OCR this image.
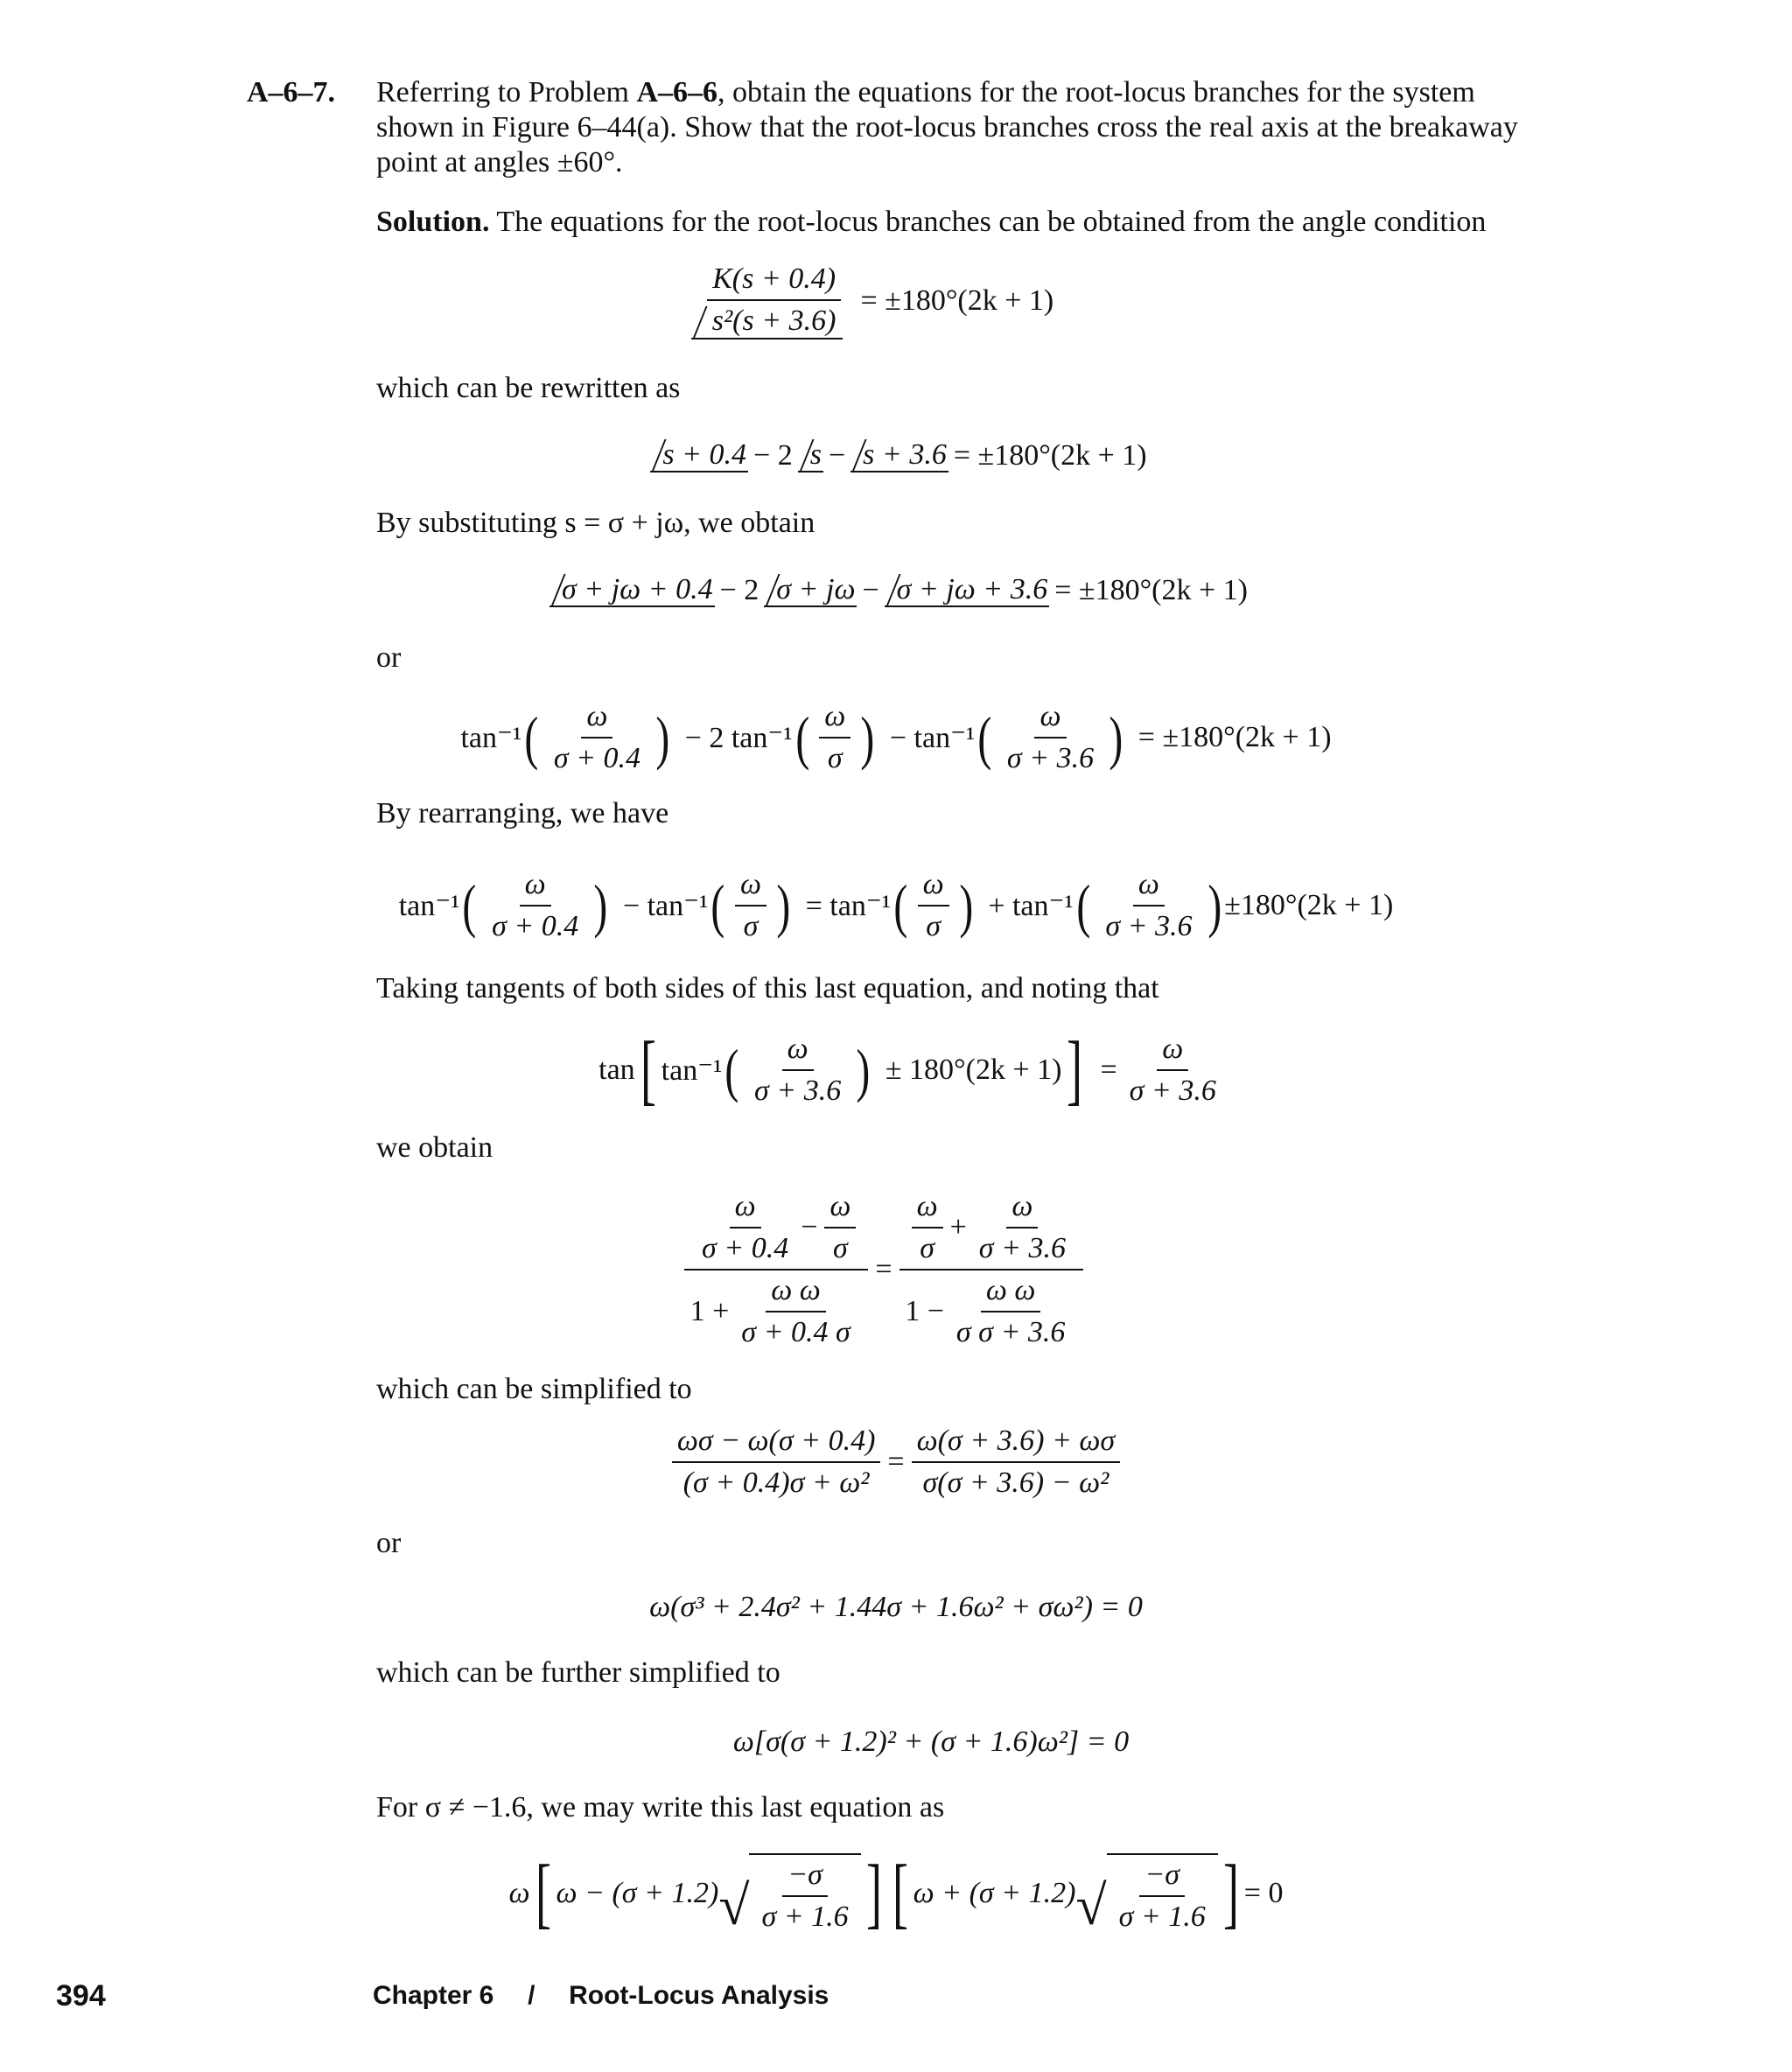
A–6–7. Referring to Problem A–6–6, obtain the equations for the root-locus branches for the system
shown in Figure 6–44(a). Show that the root-locus branches cross the real axis at the breakaway
point at angles ±60°.
Solution. The equations for the root-locus branches can be obtained from the angle condition
$\frac{K(s + 0.4)}{\text{s²(s + 3.6)}} = \pm 180^\circ(2k + 1)$
which can be rewritten as
s + 0.4 − 2 s − s + 3.6 = ±180°(2k + 1)
By substituting s = σ + jω, we obtain
σ + jω + 0.4 − 2 σ + jω − σ + jω + 3.6 = ±180°(2k + 1)
or
tan⁻¹ ( $\frac{\omega}{\sigma + 0.4}$ ) − 2 tan⁻¹ ( $\frac{\omega}{\sigma}$ ) − tan⁻¹ ( $\frac{\omega}{\sigma + 3.6}$ ) = ±180°(2k + 1)
By rearranging, we have
tan⁻¹ ( $\frac{\omega}{\sigma + 0.4}$ ) − tan⁻¹ ( $\frac{\omega}{\sigma}$ ) = tan⁻¹ ( $\frac{\omega}{\sigma}$ ) + tan⁻¹ ( $\frac{\omega}{\sigma + 3.6}$ ) ±180°(2k + 1)
Taking tangents of both sides of this last equation, and noting that
tan [ tan⁻¹ ( $\frac{\omega}{\sigma + 3.6}$ ) ± 180°(2k + 1) ] = $\frac{\omega}{\sigma + 3.6}$
we obtain
$\frac{\frac{\omega}{\sigma + 0.4} - \frac{\omega}{\sigma}}{1 + \frac{\text{ω ω}}{\sigma + 0.4 \sigma}} = \frac{\frac{\omega}{\sigma} + \frac{\omega}{\sigma + 3.6}}{1 - \frac{\text{ω ω}}{\text{σ σ + 3.6}}}$
which can be simplified to
$\frac{\omega\sigma - \omega(\sigma + 0.4)}{\text{(σ + 0.4)σ + ω²}} = \frac{\omega(\sigma + 3.6) + \omega\sigma}{\text{σ(σ + 3.6) − ω²}}$
or
ω(σ³ + 2.4σ² + 1.44σ + 1.6ω² + σω²) = 0
which can be further simplified to
ω[σ(σ + 1.2)² + (σ + 1.6)ω²] = 0
For σ ≠ −1.6, we may write this last equation as
ω [ ω − (σ + 1.2) √ $\frac{-\sigma}{\sigma + 1.6}$ ] [ ω + (σ + 1.2) √ $\frac{-\sigma}{\sigma + 1.6}$ ] = 0
394	Chapter 6 / Root-Locus Analysis
